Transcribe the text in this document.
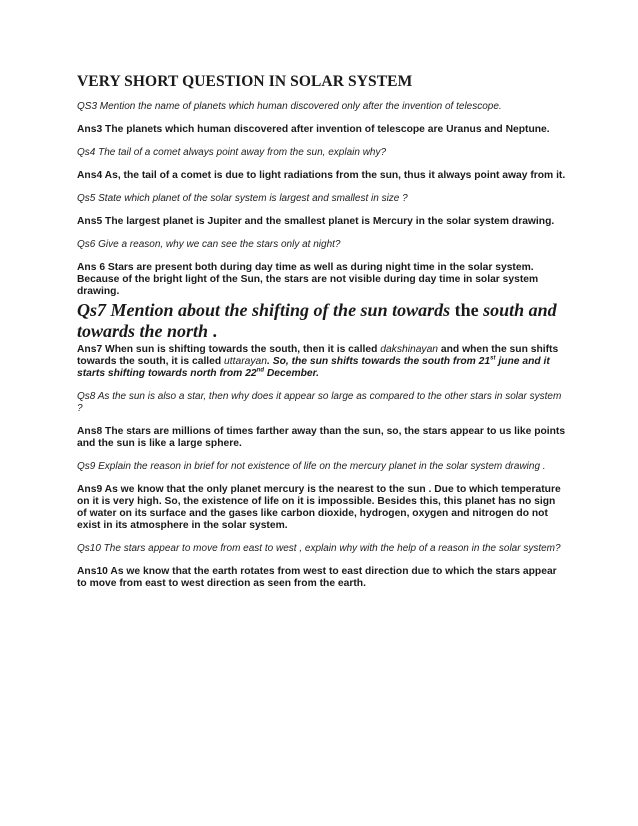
VERY SHORT QUESTION IN SOLAR SYSTEM

QS3 Mention the name of planets which human discovered only after the invention of telescope.

Ans3 The planets which human discovered after invention of telescope are Uranus and Neptune.

Qs4 The tail of a comet always point away from the sun, explain why?

Ans4 As, the tail of a comet is due to light radiations from the sun, thus it always point away from it.

Qs5 State which planet of the solar system is largest and smallest in size ?

Ans5 The largest planet is Jupiter and the smallest planet is Mercury in the solar system drawing.

Qs6 Give a reason, why we can see the stars only at night?

Ans 6 Stars are present both during day time as well as during night time in the solar system. Because of the bright light of the Sun, the stars are not visible during day time in solar system drawing.

Qs7 Mention about the shifting of the sun towards the south and towards the north .

Ans7 When sun is shifting towards the south, then it is called dakshinayan and when the sun shifts towards the south, it is called uttarayan. So, the sun shifts towards the south from 21st june and it starts shifting towards north from 22nd December.

Qs8 As the sun is also a star, then why does it appear so large as compared to the other stars in solar system ?

Ans8 The stars are millions of times farther away than the sun, so, the stars appear to us like points and the sun is like a large sphere.

Qs9 Explain the reason in brief for not existence of life on the mercury planet in the solar system drawing .

Ans9 As we know that the only planet mercury is the nearest to the sun . Due to which temperature on it is very high. So, the existence of life on it is impossible. Besides this, this planet has no sign of water on its surface and the gases like carbon dioxide, hydrogen, oxygen and nitrogen do not exist in its atmosphere in the solar system.

Qs10 The stars appear to move from east to west , explain why with the help of a reason in the solar system?

Ans10 As we know that the earth rotates from west to east direction due to which the stars appear to move from east to west direction as seen from the earth.
